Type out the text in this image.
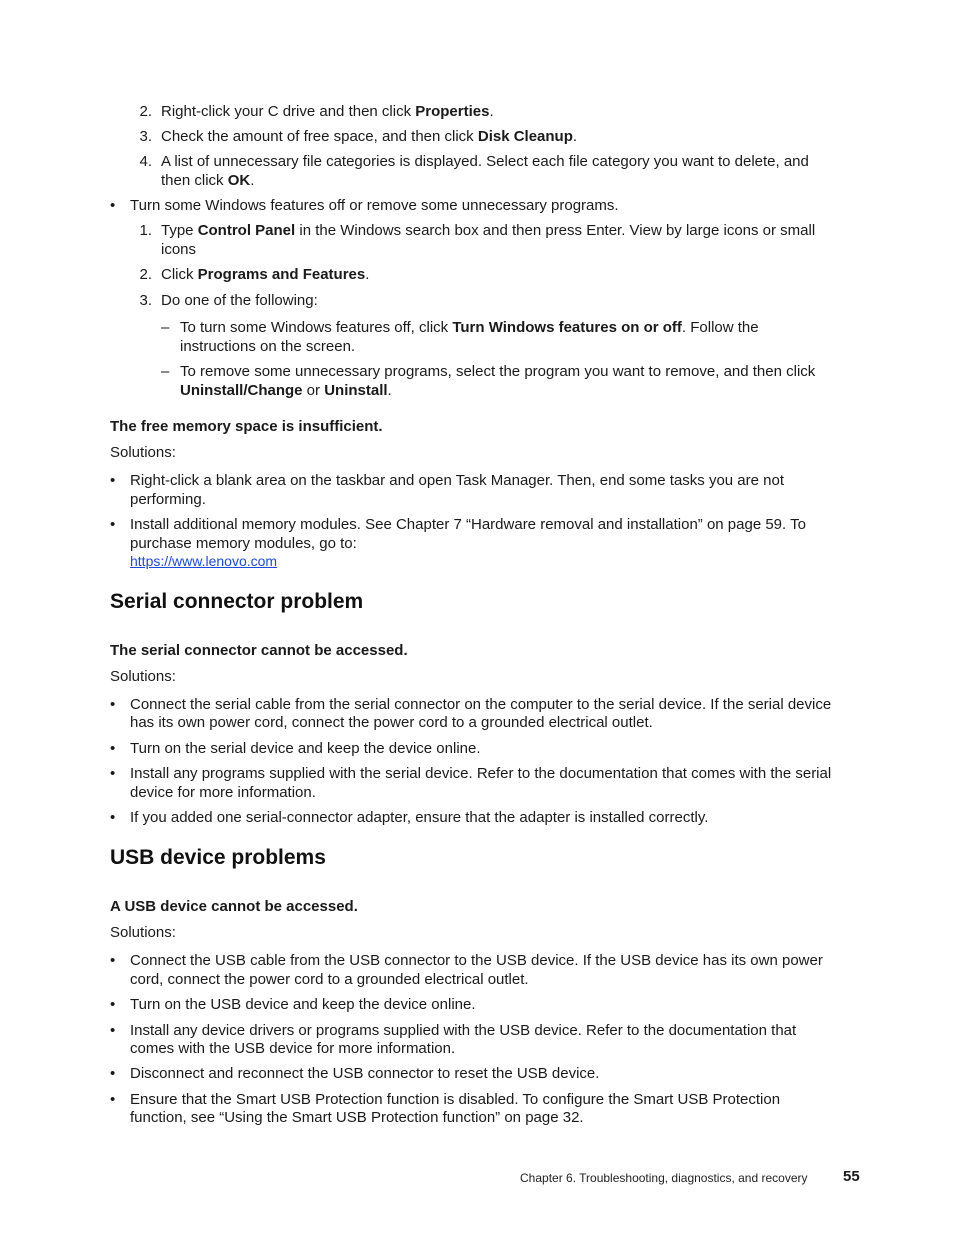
2. Right-click your C drive and then click Properties.
3. Check the amount of free space, and then click Disk Cleanup.
4. A list of unnecessary file categories is displayed. Select each file category you want to delete, and
then click OK.
• Turn some Windows features off or remove some unnecessary programs.
1. Type Control Panel in the Windows search box and then press Enter. View by large icons or small
icons
2. Click Programs and Features.
3. Do one of the following:
– To turn some Windows features off, click Turn Windows features on or off. Follow the
instructions on the screen.
– To remove some unnecessary programs, select the program you want to remove, and then click
Uninstall/Change or Uninstall.
The free memory space is insufficient.
Solutions:
• Right-click a blank area on the taskbar and open Task Manager. Then, end some tasks you are not
performing.
• Install additional memory modules. See Chapter 7 “Hardware removal and installation” on page 59. To
purchase memory modules, go to:
https://www.lenovo.com
Serial connector problem
The serial connector cannot be accessed.
Solutions:
• Connect the serial cable from the serial connector on the computer to the serial device. If the serial device
has its own power cord, connect the power cord to a grounded electrical outlet.
• Turn on the serial device and keep the device online.
• Install any programs supplied with the serial device. Refer to the documentation that comes with the serial
device for more information.
• If you added one serial-connector adapter, ensure that the adapter is installed correctly.
USB device problems
A USB device cannot be accessed.
Solutions:
• Connect the USB cable from the USB connector to the USB device. If the USB device has its own power
cord, connect the power cord to a grounded electrical outlet.
• Turn on the USB device and keep the device online.
• Install any device drivers or programs supplied with the USB device. Refer to the documentation that
comes with the USB device for more information.
• Disconnect and reconnect the USB connector to reset the USB device.
• Ensure that the Smart USB Protection function is disabled. To configure the Smart USB Protection
function, see “Using the Smart USB Protection function” on page 32.
Chapter 6. Troubleshooting, diagnostics, and recovery 55
